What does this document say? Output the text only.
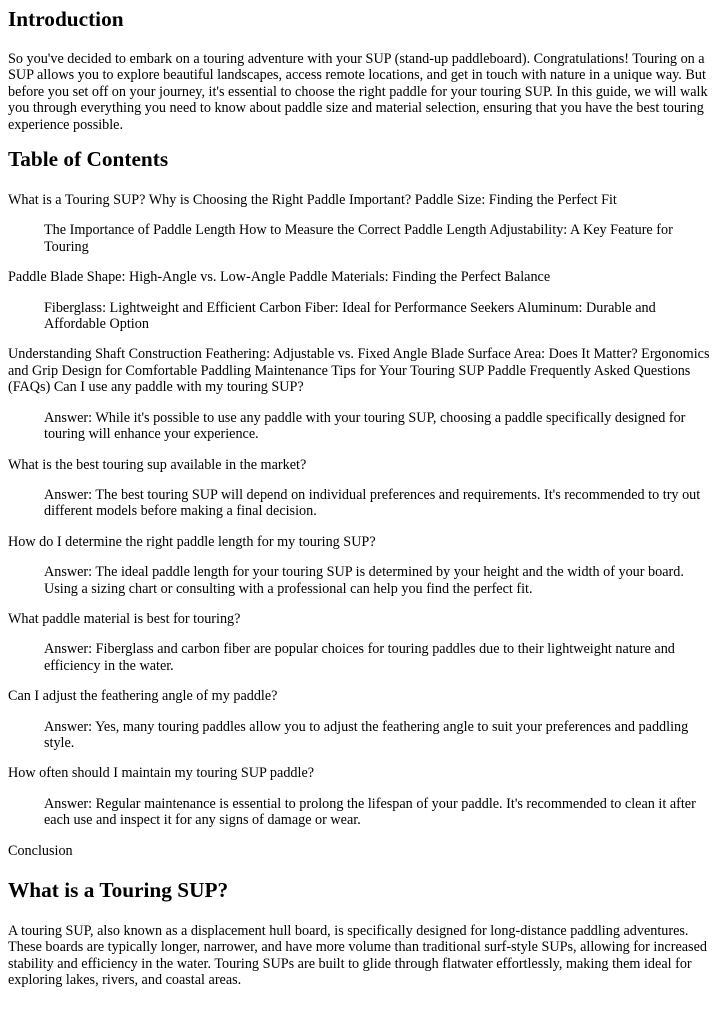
Introduction

So you've decided to embark on a touring adventure with your SUP (stand-up paddleboard). Congratulations! Touring on a SUP allows you to explore beautiful landscapes, access remote locations, and get in touch with nature in a unique way. But before you set off on your journey, it's essential to choose the right paddle for your touring SUP. In this guide, we will walk you through everything you need to know about paddle size and material selection, ensuring that you have the best touring experience possible.

Table of Contents

What is a Touring SUP? Why is Choosing the Right Paddle Important? Paddle Size: Finding the Perfect Fit

The Importance of Paddle Length How to Measure the Correct Paddle Length Adjustability: A Key Feature for Touring

Paddle Blade Shape: High-Angle vs. Low-Angle Paddle Materials: Finding the Perfect Balance

Fiberglass: Lightweight and Efficient Carbon Fiber: Ideal for Performance Seekers Aluminum: Durable and Affordable Option

Understanding Shaft Construction Feathering: Adjustable vs. Fixed Angle Blade Surface Area: Does It Matter? Ergonomics and Grip Design for Comfortable Paddling Maintenance Tips for Your Touring SUP Paddle Frequently Asked Questions (FAQs) Can I use any paddle with my touring SUP?

Answer: While it's possible to use any paddle with your touring SUP, choosing a paddle specifically designed for touring will enhance your experience.

What is the best touring sup available in the market?

Answer: The best touring SUP will depend on individual preferences and requirements. It's recommended to try out different models before making a final decision.

How do I determine the right paddle length for my touring SUP?

Answer: The ideal paddle length for your touring SUP is determined by your height and the width of your board. Using a sizing chart or consulting with a professional can help you find the perfect fit.

What paddle material is best for touring?

Answer: Fiberglass and carbon fiber are popular choices for touring paddles due to their lightweight nature and efficiency in the water.

Can I adjust the feathering angle of my paddle?

Answer: Yes, many touring paddles allow you to adjust the feathering angle to suit your preferences and paddling style.

How often should I maintain my touring SUP paddle?

Answer: Regular maintenance is essential to prolong the lifespan of your paddle. It's recommended to clean it after each use and inspect it for any signs of damage or wear.

Conclusion

What is a Touring SUP?

A touring SUP, also known as a displacement hull board, is specifically designed for long-distance paddling adventures. These boards are typically longer, narrower, and have more volume than traditional surf-style SUPs, allowing for increased stability and efficiency in the water. Touring SUPs are built to glide through flatwater effortlessly, making them ideal for exploring lakes, rivers, and coastal areas.
